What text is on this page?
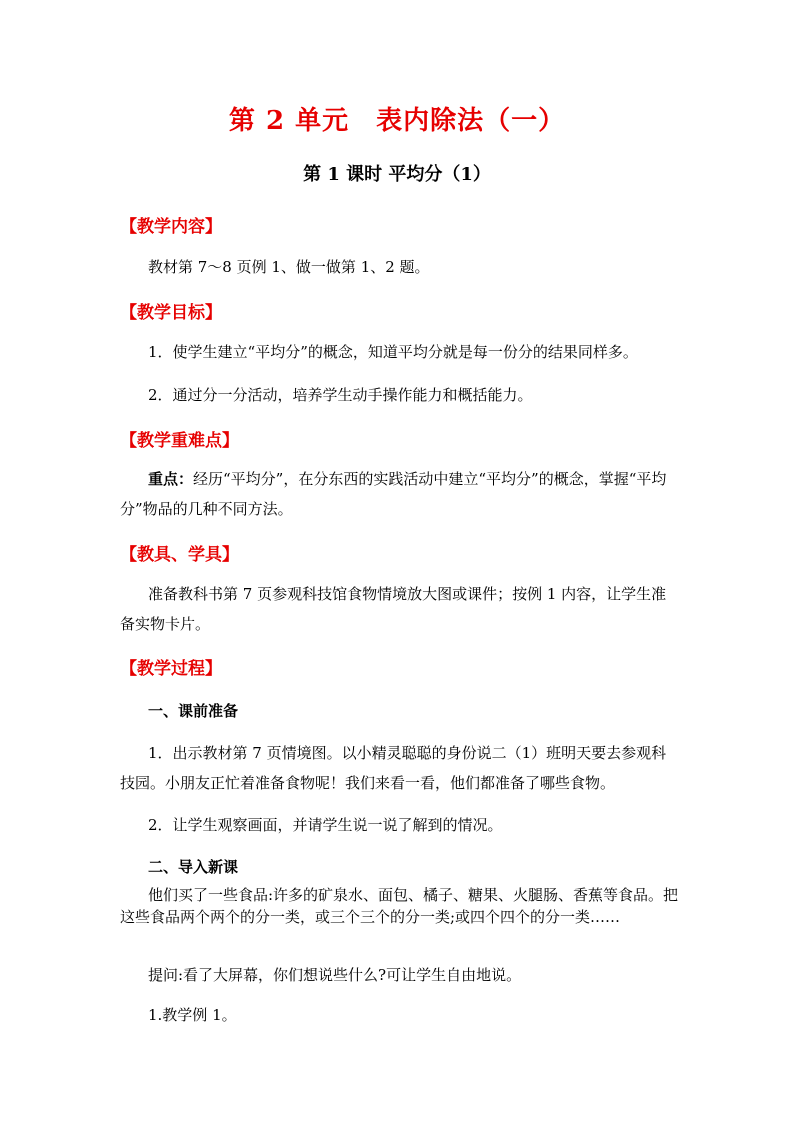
第 2 单元　表内除法（一）
第 1 课时 平均分（1）
【教学内容】
教材第 7～8 页例 1、做一做第 1、2 题。
【教学目标】
1．使学生建立“平均分”的概念，知道平均分就是每一份分的结果同样多。
2．通过分一分活动，培养学生动手操作能力和概括能力。
【教学重难点】
重点：经历“平均分”，在分东西的实践活动中建立“平均分”的概念，掌握“平均分”物品的几种不同方法。
【教具、学具】
准备教科书第 7 页参观科技馆食物情境放大图或课件；按例 1 内容，让学生准备实物卡片。
【教学过程】
一、课前准备
1．出示教材第 7 页情境图。以小精灵聪聪的身份说二（1）班明天要去参观科技园。小朋友正忙着准备食物呢！我们来看一看，他们都准备了哪些食物。
2．让学生观察画面，并请学生说一说了解到的情况。
二、导入新课
他们买了一些食品:许多的矿泉水、面包、橘子、糖果、火腿肠、香蕉等食品。把这些食品两个两个的分一类，或三个三个的分一类;或四个四个的分一类……
提问:看了大屏幕，你们想说些什么?可让学生自由地说。
1.教学例 1。
